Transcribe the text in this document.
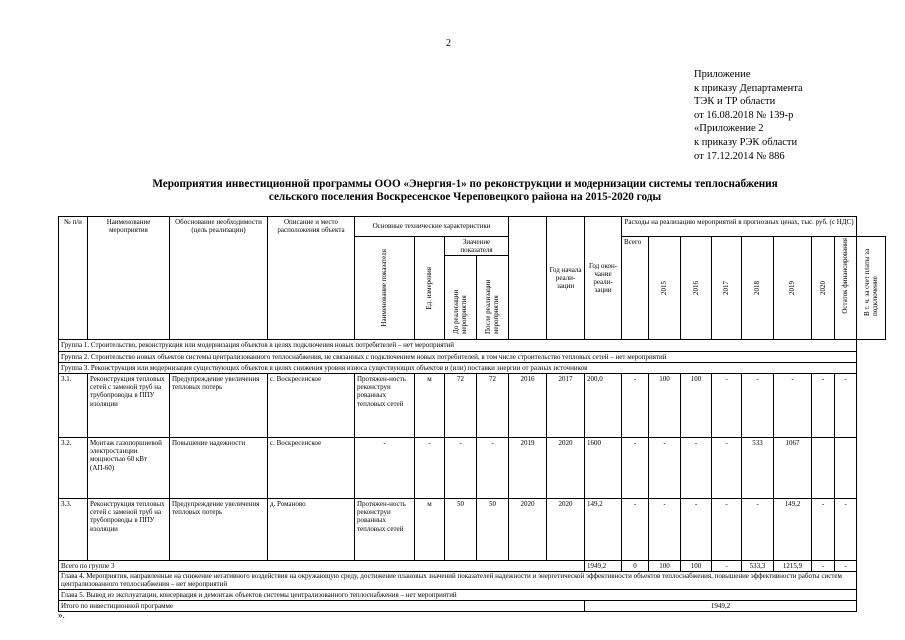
2
Приложение
к приказу Департамента
ТЭК и ТР области
от 16.08.2018 № 139-р
«Приложение 2
к приказу РЭК области
от 17.12.2014 № 886
Мероприятия инвестиционной программы ООО «Энергия-1» по реконструкции и модернизации системы теплоснабжения
сельского поселения Воскресенское Череповецкого района на 2015-2020 годы
№ п/и	Наименование мероприятия	Обоснование необходимости (цель реализации)	Описание и место расположения объекта	Основные технические характеристики					Год начала реали-зации	Год окон-чание реали-зации	Расходы на реализацию мероприятий в прогнозных ценах, тыс. руб. (с НДС)								

				Наименование показателя	Ед. измерения	Значение показателя					Всего	2015	2016	2017	2018	2019	2020	Остаток финансирования	В т. ч. за счет платы за подключение

						До реализации мероприятия	После реализации мероприятия												

Группа 1. Строительство, реконструкция или модернизация объектов в целях подключения новых потребителей – нет мероприятий																			
Группа 2. Строительство новых объектов системы централизованного теплоснабжения, не связанных с подключением новых потребителей, в том числе строительство тепловых сетей – нет мероприятий																			
Группа 3. Реконструкция или модернизация существующих объектов в целях снижения уровня износа существующих объектов и (или) поставки энергии от разных источников																			
3.1.	Реконструкция тепловых сетей с заменой труб на трубопроводы в ППУ изоляции	Предупреждение увеличения тепловых потерь	с. Воскресенское	Протяжен-ность реконструи рованных тепловых сетей	м	72	72	2016	2017	200,0	-	100	100	-	-	-	-	-	
3.2.	Монтаж газопоршневой электростанции мощностью 60 кВт (АП-60)	Повышение надежности	с. Воскресенское	-	-	-	-	2019	2020	1600	-	-	-	-	533	1067			
3.3.	Реконструкция тепловых сетей с заменой труб на трубопроводы в ППУ изоляции	Предупреждение увеличения тепловых потерь	д. Романово	Протяжен-ность реконструи рованных тепловых сетей	м	50	50	2020	2020	149,2	-	-	-	-	-	149,2	-	-	
Всего по группе 3										1949,2	0	100	100	-	533,3	1215,9	-	-	
Глава 4. Мероприятия, направленные на снижение негативного воздействия на окружающую среду, достижение плановых значений показателей надежности и энергетической эффективности объектов теплоснабжения, повышение эффективности работы систем централизованного теплоснабжения – нет мероприятий																			
Глава 5. Вывод из эксплуатации, консервация и демонтаж объектов системы централизованного теплоснабжения – нет мероприятий																			
Итого по инвестиционной программе										1949,2									
».
